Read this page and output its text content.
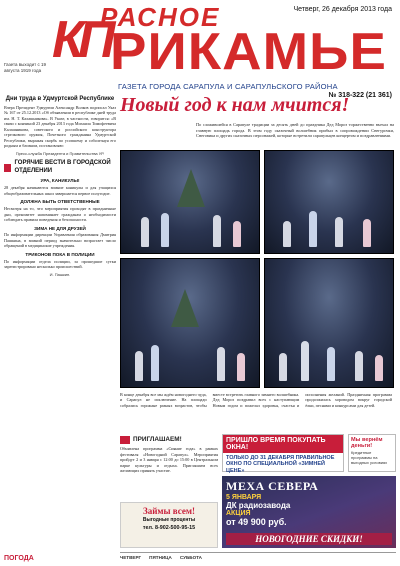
КП
РАСНОЕ
РИКАМЬЕ
Четверг, 26 декабря 2013 года
Газета выходит с 19 августа 1919 года
ГАЗЕТА ГОРОДА САРАПУЛА И САРАПУЛЬСКОГО РАЙОНА
№ 318-322 (21 361)
Новый год к нам мчится!
Дни труда в Удмуртской Республике

Вчера Президент Удмуртии Александр Волков подписал Указ № 167 от 25.12.2013 «Об объявлении в республике дней труда им. Н. Т. Калашникова». В Указе, в частности, говорится: «В связи с кончиной 23 декабря 2013 года Михаила Тимофеевича Калашникова, советского и российского конструктора стрелкового оружия, Почетного гражданина Удмуртской Республики, выражая скорбь по усопшему и соболезнуя его родным и близким, постановляю:

Пресс-служба Президента и Правительства УР.

ГОРЯЧИЕ ВЕСТИ В ГОРОДСКОЙ ОТДЕЛЕНИИ
УРА, КАНИКУЛЫ!

28 декабря начинаются зимние каникулы и для учащихся общеобразовательных школ завершается первое полугодие.

ДОЛЖНА БЫТЬ ОТВЕТСТВЕННЫЕ

Несмотря на то, что мероприятия проходят в праздничные дни, оргкомитет напоминает гражданам о необходимости соблюдать правила поведения и безопасности.

ЗИМА НЕ ДЛЯ ДРУЗЕЙ

По информации дирекции Управления образования Дмитрия Пашкина, в зимний период значительно возрастает число обращений в медицинские учреждения.

ТРИКОНОВ ПОКА В ПОЛИЦИИ

По информации отдела полиции, за прошедшие сутки зарегистрировано несколько происшествий.

И. Пашкин.

ПОГОДА

По сложившейся в Сарапуле традиции за десять дней до праздника Дед Мороз торжественно въехал на главную площадь города. В этом году сказочный волшебник прибыл в сопровождении Снегурочки, Снеговика и других сказочных персонажей, которые встретили сарапульцев концертом и поздравлениями.

В конце декабря все мы ждём новогоднего чуда, и Сарапул не исключение. На площади собрались горожане разных возрастов, чтобы вместе встретить главного зимнего волшебника. Дед Мороз поздравил всех с наступающим Новым годом и пожелал здоровья, счастья и исполнения желаний. Праздничная программа продолжилась хороводом вокруг городской ёлки, песнями и конкурсами для детей.

ПРИГЛАШАЕМ!

Объявлена программа «Сияние года» в рамках фестиваля «Новогодний Сарапул». Мероприятия пройдут 2 и 3 января с 12:00 до 15:00 в Центральном парке культуры и отдыха. Приглашаем всех желающих принять участие.

ПРИШЛО ВРЕМЯ ПОКУПАТЬ ОКНА!
ТОЛЬКО ДО 31 ДЕКАБРЯ ПРАВИЛЬНОЕ ОКНО ПО СПЕЦИАЛЬНОЙ «ЗИМНЕЙ ЦЕНЕ»
Мы вернём деньги!
Кредитные программы на выгодных условиях
МЕХА СЕВЕРА
5 ЯНВАРЯ
ДК радиозавода
АКЦИЯ
от 49 900 руб.
НОВОГОДНИЕ СКИДКИ!
Займы всем!
Выгодные проценты
тел. 8-902-500-95-15
ЧЕТВЕРГ ПЯТНИЦА СУББОТА
